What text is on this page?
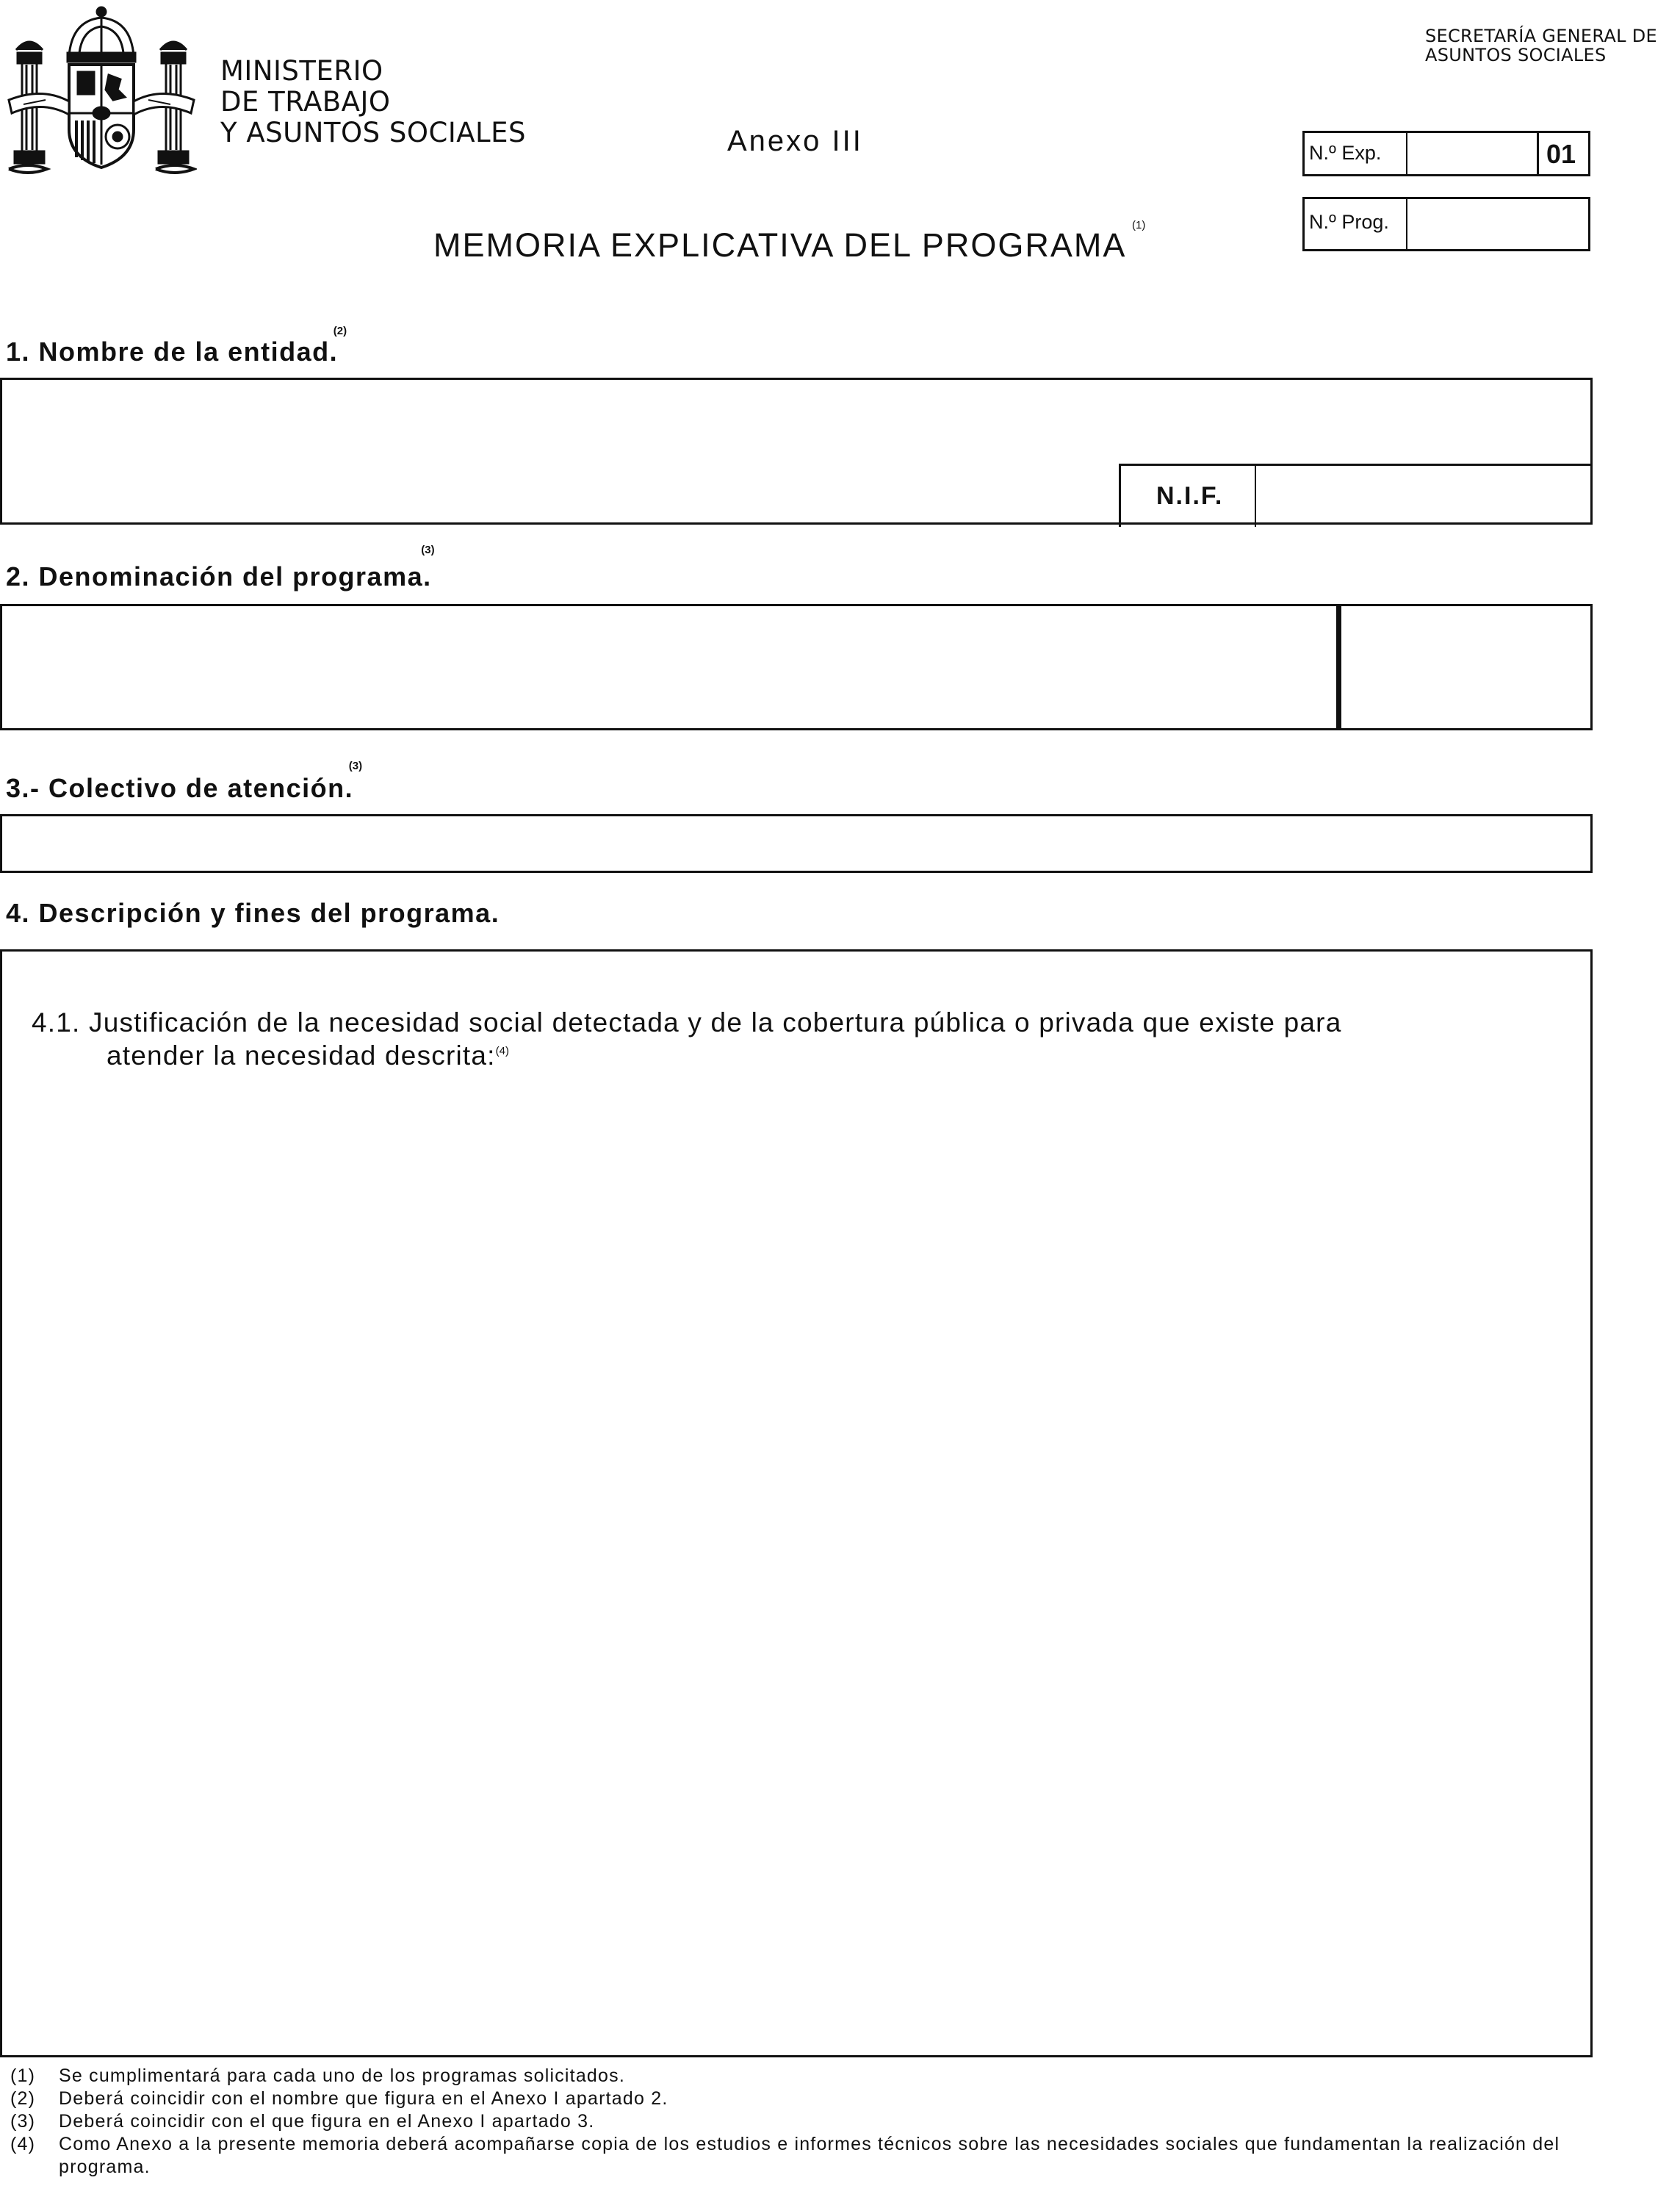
MINISTERIO
DE TRABAJO
Y ASUNTOS SOCIALES
SECRETARÍA GENERAL DE
ASUNTOS SOCIALES
Anexo III	N.º Exp.	01
N.º Prog.
MEMORIA EXPLICATIVA DEL PROGRAMA
(1)
1. Nombre de la entidad.
(2)
N.I.F.
2. Denominación del programa.
(3)
3.- Colectivo de atención.
(3)
4. Descripción y fines del programa.
4.1. Justificación de la necesidad social detectada y de la cobertura pública o privada que existe para
atender la necesidad descrita:$^{(4)}$
(1) Se cumplimentará para cada uno de los programas solicitados.
(2) Deberá coincidir con el nombre que figura en el Anexo I apartado 2.
(3) Deberá coincidir con el que figura en el Anexo I apartado 3.
(4) Como Anexo a la presente memoria deberá acompañarse copia de los estudios e informes técnicos sobre las necesidades sociales que fundamentan la realización del programa.
